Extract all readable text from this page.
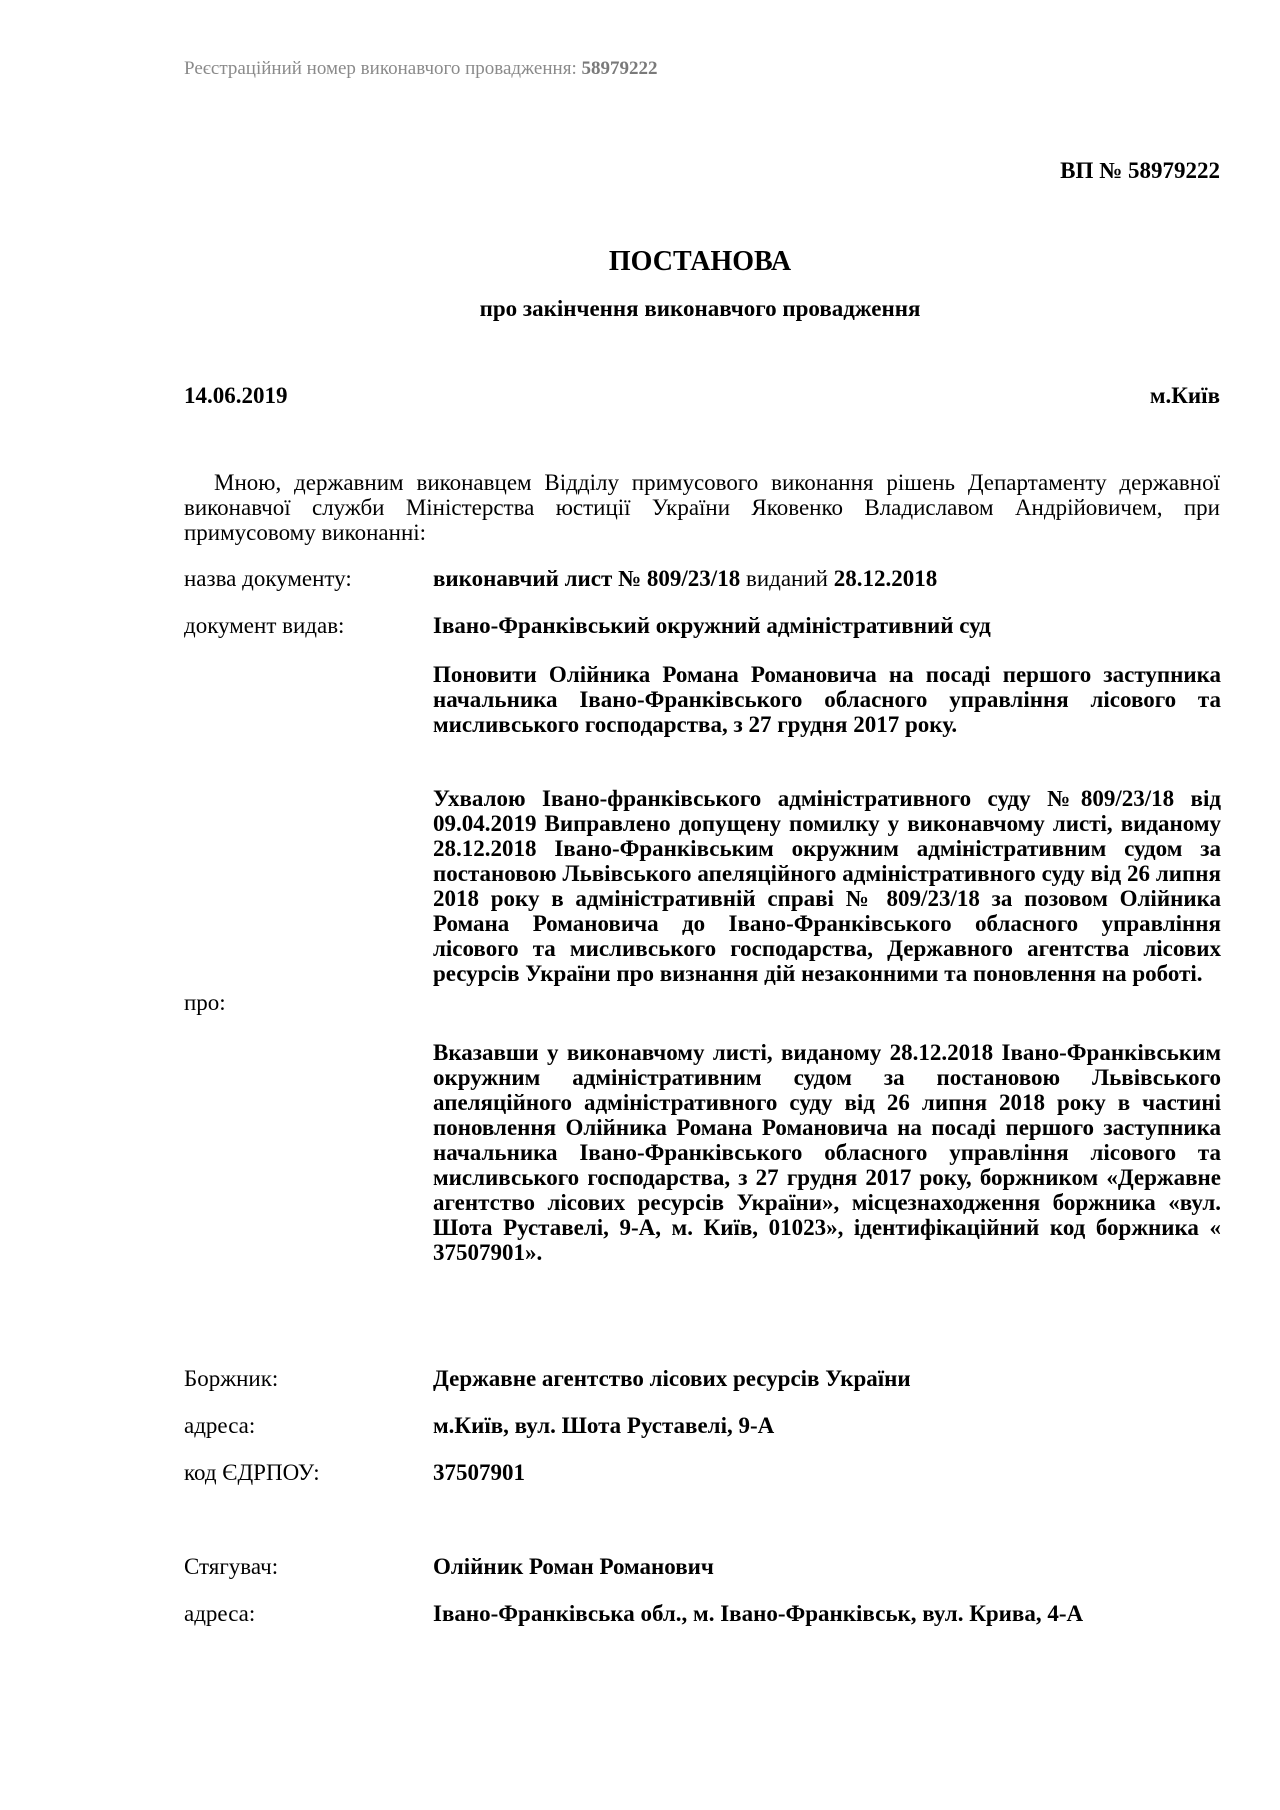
Реєстраційний номер виконавчого провадження: 58979222
ВП № 58979222
ПОСТАНОВА
про закінчення виконавчого провадження
14.06.2019	м.Київ
Мною, державним виконавцем Відділу примусового виконання рішень Департаменту державної виконавчої служби Міністерства юстиції України Яковенко Владиславом Андрійовичем, при примусовому виконанні:
назва документу:	виконавчий лист № 809/23/18 виданий 28.12.2018
документ видав:	Івано-Франківський окружний адміністративний суд
Поновити Олійника Романа Романовича на посаді першого заступника начальника Івано-Франківського обласного управління лісового та мисливського господарства, з 27 грудня 2017 року.
Ухвалою Івано-франківського адміністративного суду №809/23/18 від 09.04.2019 Виправлено допущену помилку у виконавчому листі, виданому 28.12.2018 Івано-Франківським окружним адміністративним судом за постановою Львівського апеляційного адміністративного суду від 26 липня 2018 року в адміністративній справі № 809/23/18 за позовом Олійника Романа Романовича до Івано-Франківського обласного управління лісового та мисливського господарства, Державного агентства лісових ресурсів України про визнання дій незаконними та поновлення на роботі.
про:
Вказавши у виконавчому листі, виданому 28.12.2018 Івано-Франківським окружним адміністративним судом за постановою Львівського апеляційного адміністративного суду від 26 липня 2018 року в частині поновлення Олійника Романа Романовича на посаді першого заступника начальника Івано-Франківського обласного управління лісового та мисливського господарства, з 27 грудня 2017 року, боржником «Державне агентство лісових ресурсів України», місцезнаходження боржника «вул. Шота Руставелі, 9-А, м. Київ, 01023», ідентифікаційний код боржника « 37507901».
Боржник:	Державне агентство лісових ресурсів України
адреса:	м.Київ, вул. Шота Руставелі, 9-А
код ЄДРПОУ:	37507901
Стягувач:	Олійник Роман Романович
адреса:	Івано-Франківська обл., м. Івано-Франківськ, вул. Крива, 4-А
